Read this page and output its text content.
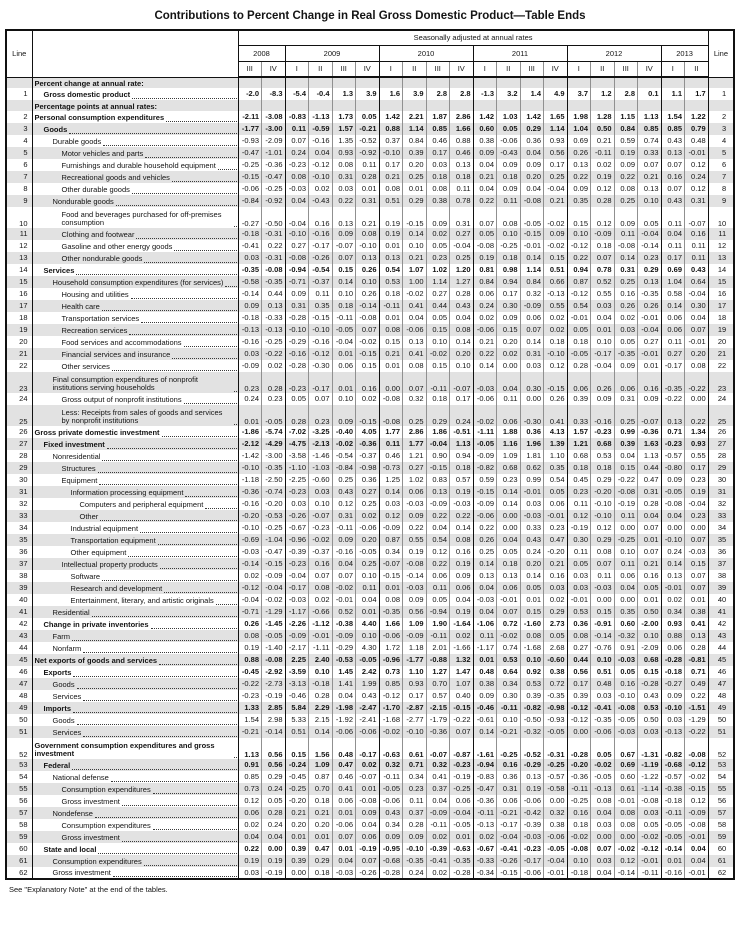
Contributions to Percent Change in Real Gross Domestic Product—Table Ends
Line		Seasonally adjusted at annual rates																				Line
		2008		2009				2010				2011				2012				2013		
		III	IV	I	II	III	IV	I	II	III	IV	I	II	III	IV	I	II	III	IV	I	II	
	Percent change at annual rate:																					
1	Gross domestic product	-2.0	-8.3	-5.4	-0.4	1.3	3.9	1.6	3.9	2.8	2.8	-1.3	3.2	1.4	4.9	3.7	1.2	2.8	0.1	1.1	1.7	1
	Percentage points at annual rates:																					
2	Personal consumption expenditures	-2.11	-3.08	-0.83	-1.13	1.73	0.05	1.42	2.21	1.87	2.86	1.42	1.03	1.42	1.65	1.98	1.28	1.15	1.13	1.54	1.22	2
3	Goods	-1.77	-3.00	0.11	-0.59	1.57	-0.21	0.88	1.14	0.85	1.66	0.60	0.05	0.29	1.14	1.04	0.50	0.84	0.85	0.85	0.79	3
4	Durable goods	-0.93	-2.09	0.07	-0.16	1.35	-0.52	0.37	0.84	0.46	0.88	0.38	-0.06	0.36	0.93	0.69	0.21	0.59	0.74	0.43	0.48	4
5	Motor vehicles and parts	-0.47	-1.01	0.24	0.04	0.93	-0.92	-0.10	0.39	0.17	0.46	0.09	-0.43	0.04	0.56	0.26	-0.11	0.19	0.33	0.13	-0.01	5
6	Furnishings and durable household equipment	-0.25	-0.36	-0.23	-0.12	0.08	0.11	0.17	0.20	0.03	0.13	0.04	0.09	0.09	0.17	0.13	0.02	0.09	0.07	0.07	0.12	6
7	Recreational goods and vehicles	-0.15	-0.47	0.08	-0.10	0.31	0.28	0.21	0.25	0.18	0.18	0.21	0.18	0.20	0.25	0.22	0.19	0.22	0.21	0.16	0.24	7
8	Other durable goods	-0.06	-0.25	-0.03	0.02	0.03	0.01	0.08	0.01	0.08	0.11	0.04	0.09	0.04	-0.04	0.09	0.12	0.08	0.13	0.07	0.12	8
9	Nondurable goods	-0.84	-0.92	0.04	-0.43	0.22	0.31	0.51	0.29	0.38	0.78	0.22	0.11	-0.08	0.21	0.35	0.28	0.25	0.10	0.43	0.31	9
10	Food and beverages purchased for off-premises consumption	-0.27	-0.50	-0.04	0.16	0.13	0.21	0.19	-0.15	0.09	0.31	0.07	0.08	-0.05	-0.02	0.15	0.12	0.09	0.05	0.11	-0.07	10
11	Clothing and footwear	-0.18	-0.31	-0.10	-0.16	0.09	0.08	0.19	0.14	0.02	0.27	0.05	0.10	-0.15	0.09	0.10	-0.09	0.11	-0.04	0.04	0.16	11
12	Gasoline and other energy goods	-0.41	0.22	0.27	-0.17	-0.07	-0.10	0.01	0.10	0.05	-0.04	-0.08	-0.25	-0.01	-0.02	-0.12	0.18	-0.08	-0.14	0.11	0.11	12
13	Other nondurable goods	0.03	-0.31	-0.08	-0.26	0.07	0.13	0.13	0.21	0.23	0.25	0.19	0.18	0.14	0.15	0.22	0.07	0.14	0.23	0.17	0.11	13
14	Services	-0.35	-0.08	-0.94	-0.54	0.15	0.26	0.54	1.07	1.02	1.20	0.81	0.98	1.14	0.51	0.94	0.78	0.31	0.29	0.69	0.43	14
15	Household consumption expenditures (for services)	-0.58	-0.35	-0.71	-0.37	0.14	0.10	0.53	1.00	1.14	1.27	0.84	0.94	0.84	0.66	0.87	0.52	0.25	0.13	1.04	0.64	15
16	Housing and utilities	-0.14	0.44	0.09	0.11	0.10	0.26	0.18	-0.02	0.27	0.28	0.06	0.17	0.32	-0.13	-0.12	0.55	0.16	-0.35	0.58	-0.04	16
17	Health care	0.09	0.13	0.31	0.35	0.18	-0.14	-0.11	0.41	0.44	0.43	0.24	0.30	-0.09	0.55	0.54	0.03	0.26	0.26	0.14	0.30	17
18	Transportation services	-0.18	-0.33	-0.28	-0.15	-0.11	-0.08	0.01	0.04	0.05	0.04	0.02	0.09	0.06	0.02	-0.01	0.04	0.02	-0.01	0.06	0.04	18
19	Recreation services	-0.13	-0.13	-0.10	-0.10	-0.05	0.07	0.08	-0.06	0.15	0.08	-0.06	0.15	0.07	0.02	0.05	0.01	0.03	-0.04	0.06	0.07	19
20	Food services and accommodations	-0.16	-0.25	-0.29	-0.16	-0.04	-0.02	0.15	0.13	0.10	0.14	0.21	0.20	0.14	0.18	0.18	0.10	0.05	0.27	0.11	-0.01	20
21	Financial services and insurance	0.03	-0.22	-0.16	-0.12	0.01	-0.15	0.21	0.41	-0.02	0.20	0.22	0.02	0.31	-0.10	-0.05	-0.17	-0.35	-0.01	0.27	0.20	21
22	Other services	-0.09	0.02	-0.28	-0.30	0.06	0.15	0.01	0.08	0.15	0.10	0.14	0.00	0.03	0.12	0.28	-0.04	0.09	0.01	-0.17	0.08	22
23	Final consumption expenditures of nonprofit institutions serving households	0.23	0.28	-0.23	-0.17	0.01	0.16	0.00	0.07	-0.11	-0.07	-0.03	0.04	0.30	-0.15	0.06	0.26	0.06	0.16	-0.35	-0.22	23
24	Gross output of nonprofit institutions	0.24	0.23	0.05	0.07	0.10	0.02	-0.08	0.32	0.18	0.17	-0.06	0.11	0.00	0.26	0.39	0.09	0.31	0.09	-0.22	0.00	24
25	Less: Receipts from sales of goods and services by nonprofit institutions	0.01	-0.05	0.28	0.23	0.09	-0.15	-0.08	0.25	0.29	0.24	-0.02	0.06	-0.30	0.41	0.33	-0.16	0.25	-0.07	0.13	0.22	25
26	Gross private domestic investment	-1.86	-5.74	-7.02	-3.25	-0.40	4.05	1.77	2.86	1.86	-0.51	-1.11	1.88	0.36	4.13	1.57	-0.23	0.99	-0.36	0.71	1.34	26
27	Fixed investment	-2.12	-4.29	-4.75	-2.13	-0.02	-0.36	0.11	1.77	-0.04	1.13	-0.05	1.16	1.96	1.39	1.21	0.68	0.39	1.63	-0.23	0.93	27
28	Nonresidential	-1.42	-3.00	-3.58	-1.46	-0.54	-0.37	0.46	1.21	0.90	0.94	-0.09	1.09	1.81	1.10	0.68	0.53	0.04	1.13	-0.57	0.55	28
29	Structures	-0.10	-0.35	-1.10	-1.03	-0.84	-0.98	-0.73	0.27	-0.15	0.18	-0.82	0.68	0.62	0.35	0.18	0.18	0.15	0.44	-0.80	0.17	29
30	Equipment	-1.18	-2.50	-2.25	-0.60	0.25	0.36	1.25	1.02	0.83	0.57	0.59	0.23	0.99	0.54	0.45	0.29	-0.22	0.47	0.09	0.23	30
31	Information processing equipment	-0.36	-0.74	-0.23	0.03	0.43	0.27	0.14	0.06	0.13	0.19	-0.15	0.14	-0.01	0.05	0.23	-0.20	-0.08	0.31	-0.05	0.19	31
32	Computers and peripheral equipment	-0.16	-0.20	0.03	0.10	0.12	0.25	0.03	-0.03	-0.09	-0.03	-0.09	0.14	0.03	0.06	0.11	-0.10	-0.19	0.28	-0.08	-0.04	32
33	Other	-0.20	-0.53	-0.26	-0.07	0.31	0.02	0.12	0.09	0.22	0.22	-0.06	0.00	-0.03	-0.01	0.12	-0.10	0.11	0.04	0.04	0.23	33
34	Industrial equipment	-0.10	-0.25	-0.67	-0.23	-0.11	-0.06	-0.09	0.22	0.04	0.14	0.22	0.00	0.33	0.23	-0.19	0.12	0.00	0.07	0.00	0.00	34
35	Transportation equipment	-0.69	-1.04	-0.96	-0.02	0.09	0.20	0.87	0.55	0.54	0.08	0.26	0.04	0.43	0.47	0.30	0.29	-0.25	0.01	-0.10	0.07	35
36	Other equipment	-0.03	-0.47	-0.39	-0.37	-0.16	-0.05	0.34	0.19	0.12	0.16	0.25	0.05	0.24	-0.20	0.11	0.08	0.10	0.07	0.24	-0.03	36
37	Intellectual property products	-0.14	-0.15	-0.23	0.16	0.04	0.25	-0.07	-0.08	0.22	0.19	0.14	0.18	0.20	0.21	0.05	0.07	0.11	0.21	0.14	0.15	37
38	Software	0.02	-0.09	-0.04	0.07	0.07	0.10	-0.15	-0.14	0.06	0.09	0.13	0.13	0.14	0.16	0.03	0.11	0.06	0.16	0.13	0.07	38
39	Research and development	-0.12	-0.04	-0.17	0.08	-0.02	0.11	0.01	-0.03	0.11	0.06	0.04	0.06	0.05	0.03	0.03	-0.03	0.04	0.05	-0.01	0.07	39
40	Entertainment, literary, and artistic originals	-0.04	-0.02	-0.03	0.02	-0.01	0.04	0.08	0.09	0.05	0.04	-0.03	-0.01	0.01	0.02	-0.01	0.00	0.00	0.01	0.02	0.01	40
41	Residential	-0.71	-1.29	-1.17	-0.66	0.52	0.01	-0.35	0.56	-0.94	0.19	0.04	0.07	0.15	0.29	0.53	0.15	0.35	0.50	0.34	0.38	41
42	Change in private inventories	0.26	-1.45	-2.26	-1.12	-0.38	4.40	1.66	1.09	1.90	-1.64	-1.06	0.72	-1.60	2.73	0.36	-0.91	0.60	-2.00	0.93	0.41	42
43	Farm	0.08	-0.05	-0.09	-0.01	-0.09	0.10	-0.06	-0.09	-0.11	0.02	0.11	-0.02	0.08	0.05	0.08	-0.14	-0.32	0.10	0.88	0.13	43
44	Nonfarm	0.19	-1.40	-2.17	-1.11	-0.29	4.30	1.72	1.18	2.01	-1.66	-1.17	0.74	-1.68	2.68	0.27	-0.76	0.91	-2.09	0.06	0.28	44
45	Net exports of goods and services	0.88	-0.08	2.25	2.40	-0.53	-0.05	-0.96	-1.77	-0.88	1.32	0.01	0.53	0.10	-0.60	0.44	0.10	-0.03	0.68	-0.28	-0.81	45
46	Exports	-0.45	-2.92	-3.59	0.10	1.45	2.42	0.73	1.10	1.27	1.47	0.48	0.64	0.92	0.38	0.56	0.51	0.05	0.15	-0.18	0.71	46
47	Goods	-0.22	-2.73	-3.13	-0.18	1.41	1.99	0.85	0.93	0.70	1.07	0.38	0.34	0.53	0.72	0.17	0.48	0.16	-0.28	-0.27	0.49	47
48	Services	-0.23	-0.19	-0.46	0.28	0.04	0.43	-0.12	0.17	0.57	0.40	0.09	0.30	0.39	-0.35	0.39	0.03	-0.10	0.43	0.09	0.22	48
49	Imports	1.33	2.85	5.84	2.29	-1.98	-2.47	-1.70	-2.87	-2.15	-0.15	-0.46	-0.11	-0.82	-0.98	-0.12	-0.41	-0.08	0.53	-0.10	-1.51	49
50	Goods	1.54	2.98	5.33	2.15	-1.92	-2.41	-1.68	-2.77	-1.79	-0.22	-0.61	0.10	-0.50	-0.93	-0.12	-0.35	-0.05	0.50	0.03	-1.29	50
51	Services	-0.21	-0.14	0.51	0.14	-0.06	-0.06	-0.02	-0.10	-0.36	0.07	0.14	-0.21	-0.32	-0.05	0.00	-0.06	-0.03	0.03	-0.13	-0.22	51
52	Government consumption expenditures and gross investment	1.13	0.56	0.15	1.56	0.48	-0.17	-0.63	0.61	-0.07	-0.87	-1.61	-0.25	-0.52	-0.31	-0.28	0.05	0.67	-1.31	-0.82	-0.08	52
53	Federal	0.91	0.56	-0.24	1.09	0.47	0.02	0.32	0.71	0.32	-0.23	-0.94	0.16	-0.29	-0.25	-0.20	-0.02	0.69	-1.19	-0.68	-0.12	53
54	National defense	0.85	0.29	-0.45	0.87	0.46	-0.07	-0.11	0.34	0.41	-0.19	-0.83	0.36	0.13	-0.57	-0.36	-0.05	0.60	-1.22	-0.57	-0.02	54
55	Consumption expenditures	0.73	0.24	-0.25	0.70	0.41	0.01	-0.05	0.23	0.37	-0.25	-0.47	0.31	0.19	-0.58	-0.11	-0.13	0.61	-1.14	-0.38	-0.15	55
56	Gross investment	0.12	0.05	-0.20	0.18	0.06	-0.08	-0.06	0.11	0.04	0.06	-0.36	0.06	-0.06	0.00	-0.25	0.08	-0.01	-0.08	-0.18	0.12	56
57	Nondefense	0.06	0.28	0.21	0.21	0.01	0.09	0.43	0.37	-0.09	-0.04	-0.11	-0.21	-0.42	0.32	0.16	0.04	0.08	0.03	-0.11	-0.09	57
58	Consumption expenditures	0.02	0.24	0.20	0.20	-0.06	0.04	0.34	0.28	-0.11	-0.05	-0.13	-0.17	-0.39	0.38	0.18	0.03	0.08	0.05	-0.05	-0.08	58
59	Gross investment	0.04	0.04	0.01	0.01	0.07	0.06	0.09	0.09	0.02	0.01	0.02	-0.04	-0.03	-0.06	-0.02	0.00	0.00	-0.02	-0.05	-0.01	59
60	State and local	0.22	0.00	0.39	0.47	0.01	-0.19	-0.95	-0.10	-0.39	-0.63	-0.67	-0.41	-0.23	-0.05	-0.08	0.07	-0.02	-0.12	-0.14	0.04	60
61	Consumption expenditures	0.19	0.19	0.39	0.29	0.04	0.07	-0.68	-0.35	-0.41	-0.35	-0.33	-0.26	-0.17	-0.04	0.10	0.03	0.12	-0.01	0.01	0.04	61
62	Gross investment	0.03	-0.19	0.00	0.18	-0.03	-0.26	-0.28	0.24	0.02	-0.28	-0.34	-0.15	-0.06	-0.01	-0.18	0.04	-0.14	-0.11	-0.16	-0.01	62
See "Explanatory Note" at the end of the tables.
